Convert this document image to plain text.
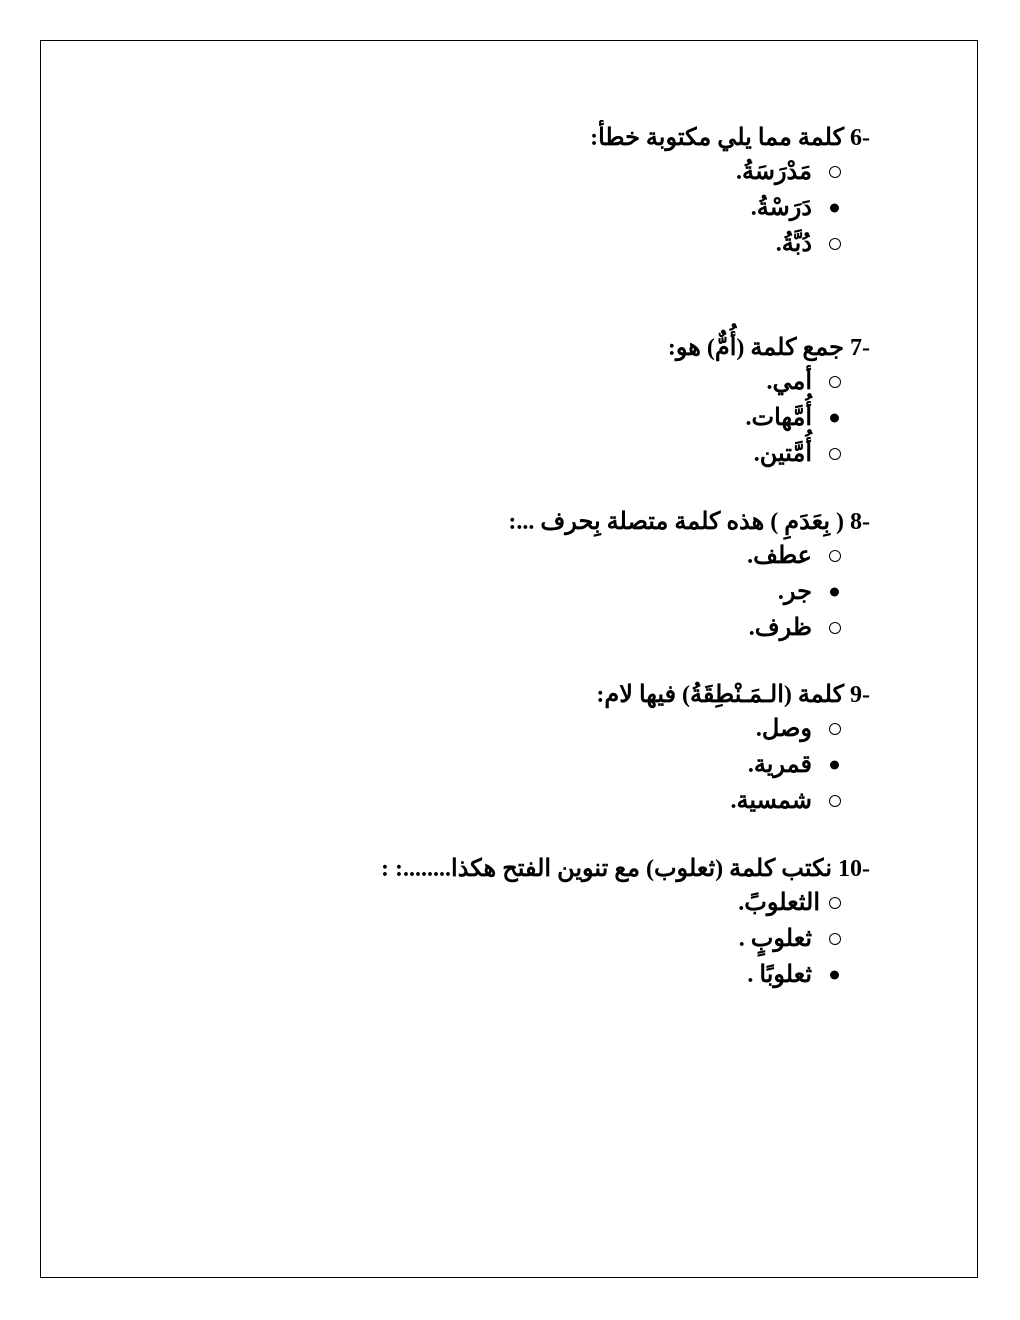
6- كلمة مما يلي مكتوبة خطأ:
مَدْرَسَةُ.
دَرَسْةُ.
دُبَّةُ.
7- جمع كلمة (أُمٌّ) هو:
أمي.
أُمَّهات.
أُمَّتين.
8- ( بِعَدَمِ ) هذه كلمة متصلة بِحرف ...:
عطف.
جر.
ظرف.
9- كلمة (الـمَـنْطِقَةُ) فيها لام:
وصل.
قمرية.
شمسية.
10- نكتب كلمة (ثعلوب) مع تنوين الفتح هكذا........: :
الثعلوبً.
ثعلوبٍ .
ثعلوبًا .
